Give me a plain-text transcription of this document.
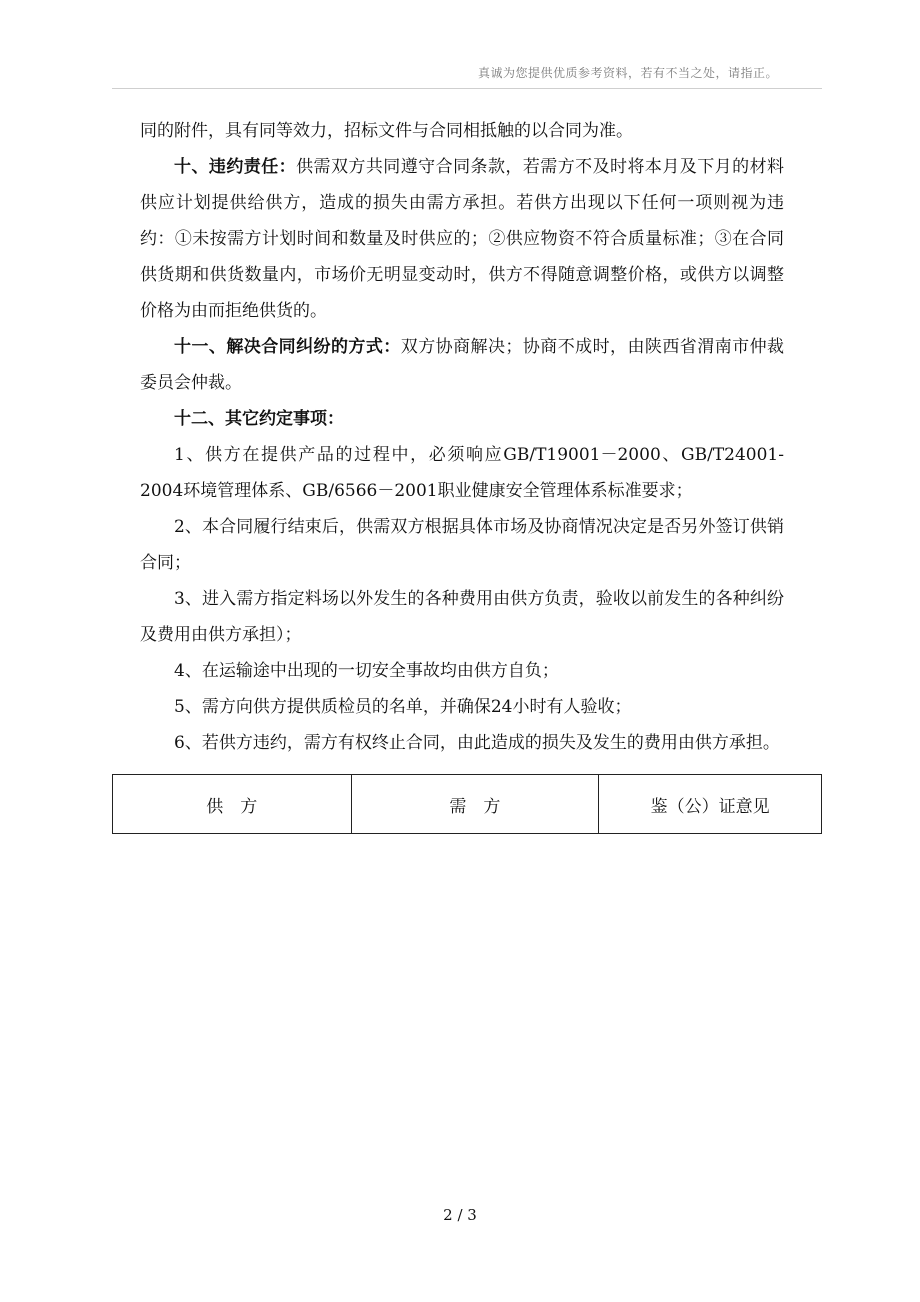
真诚为您提供优质参考资料，若有不当之处，请指正。

同的附件，具有同等效力，招标文件与合同相抵触的以合同为准。

十、违约责任：供需双方共同遵守合同条款，若需方不及时将本月及下月的材料供应计划提供给供方，造成的损失由需方承担。若供方出现以下任何一项则视为违约：①未按需方计划时间和数量及时供应的；②供应物资不符合质量标准；③在合同供货期和供货数量内，市场价无明显变动时，供方不得随意调整价格，或供方以调整价格为由而拒绝供货的。

十一、解决合同纠纷的方式：双方协商解决；协商不成时，由陕西省渭南市仲裁委员会仲裁。

十二、其它约定事项：

1、供方在提供产品的过程中，必须响应GB/T19001－2000、GB/T24001-2004环境管理体系、GB/6566－2001职业健康安全管理体系标准要求；

2、本合同履行结束后，供需双方根据具体市场及协商情况决定是否另外签订供销合同；

3、进入需方指定料场以外发生的各种费用由供方负责，验收以前发生的各种纠纷及费用由供方承担）；

4、在运输途中出现的一切安全事故均由供方自负；

5、需方向供方提供质检员的名单，并确保24小时有人验收；

6、若供方违约，需方有权终止合同，由此造成的损失及发生的费用由供方承担。

供　方	需　方	鉴（公）证意见
2 / 3
